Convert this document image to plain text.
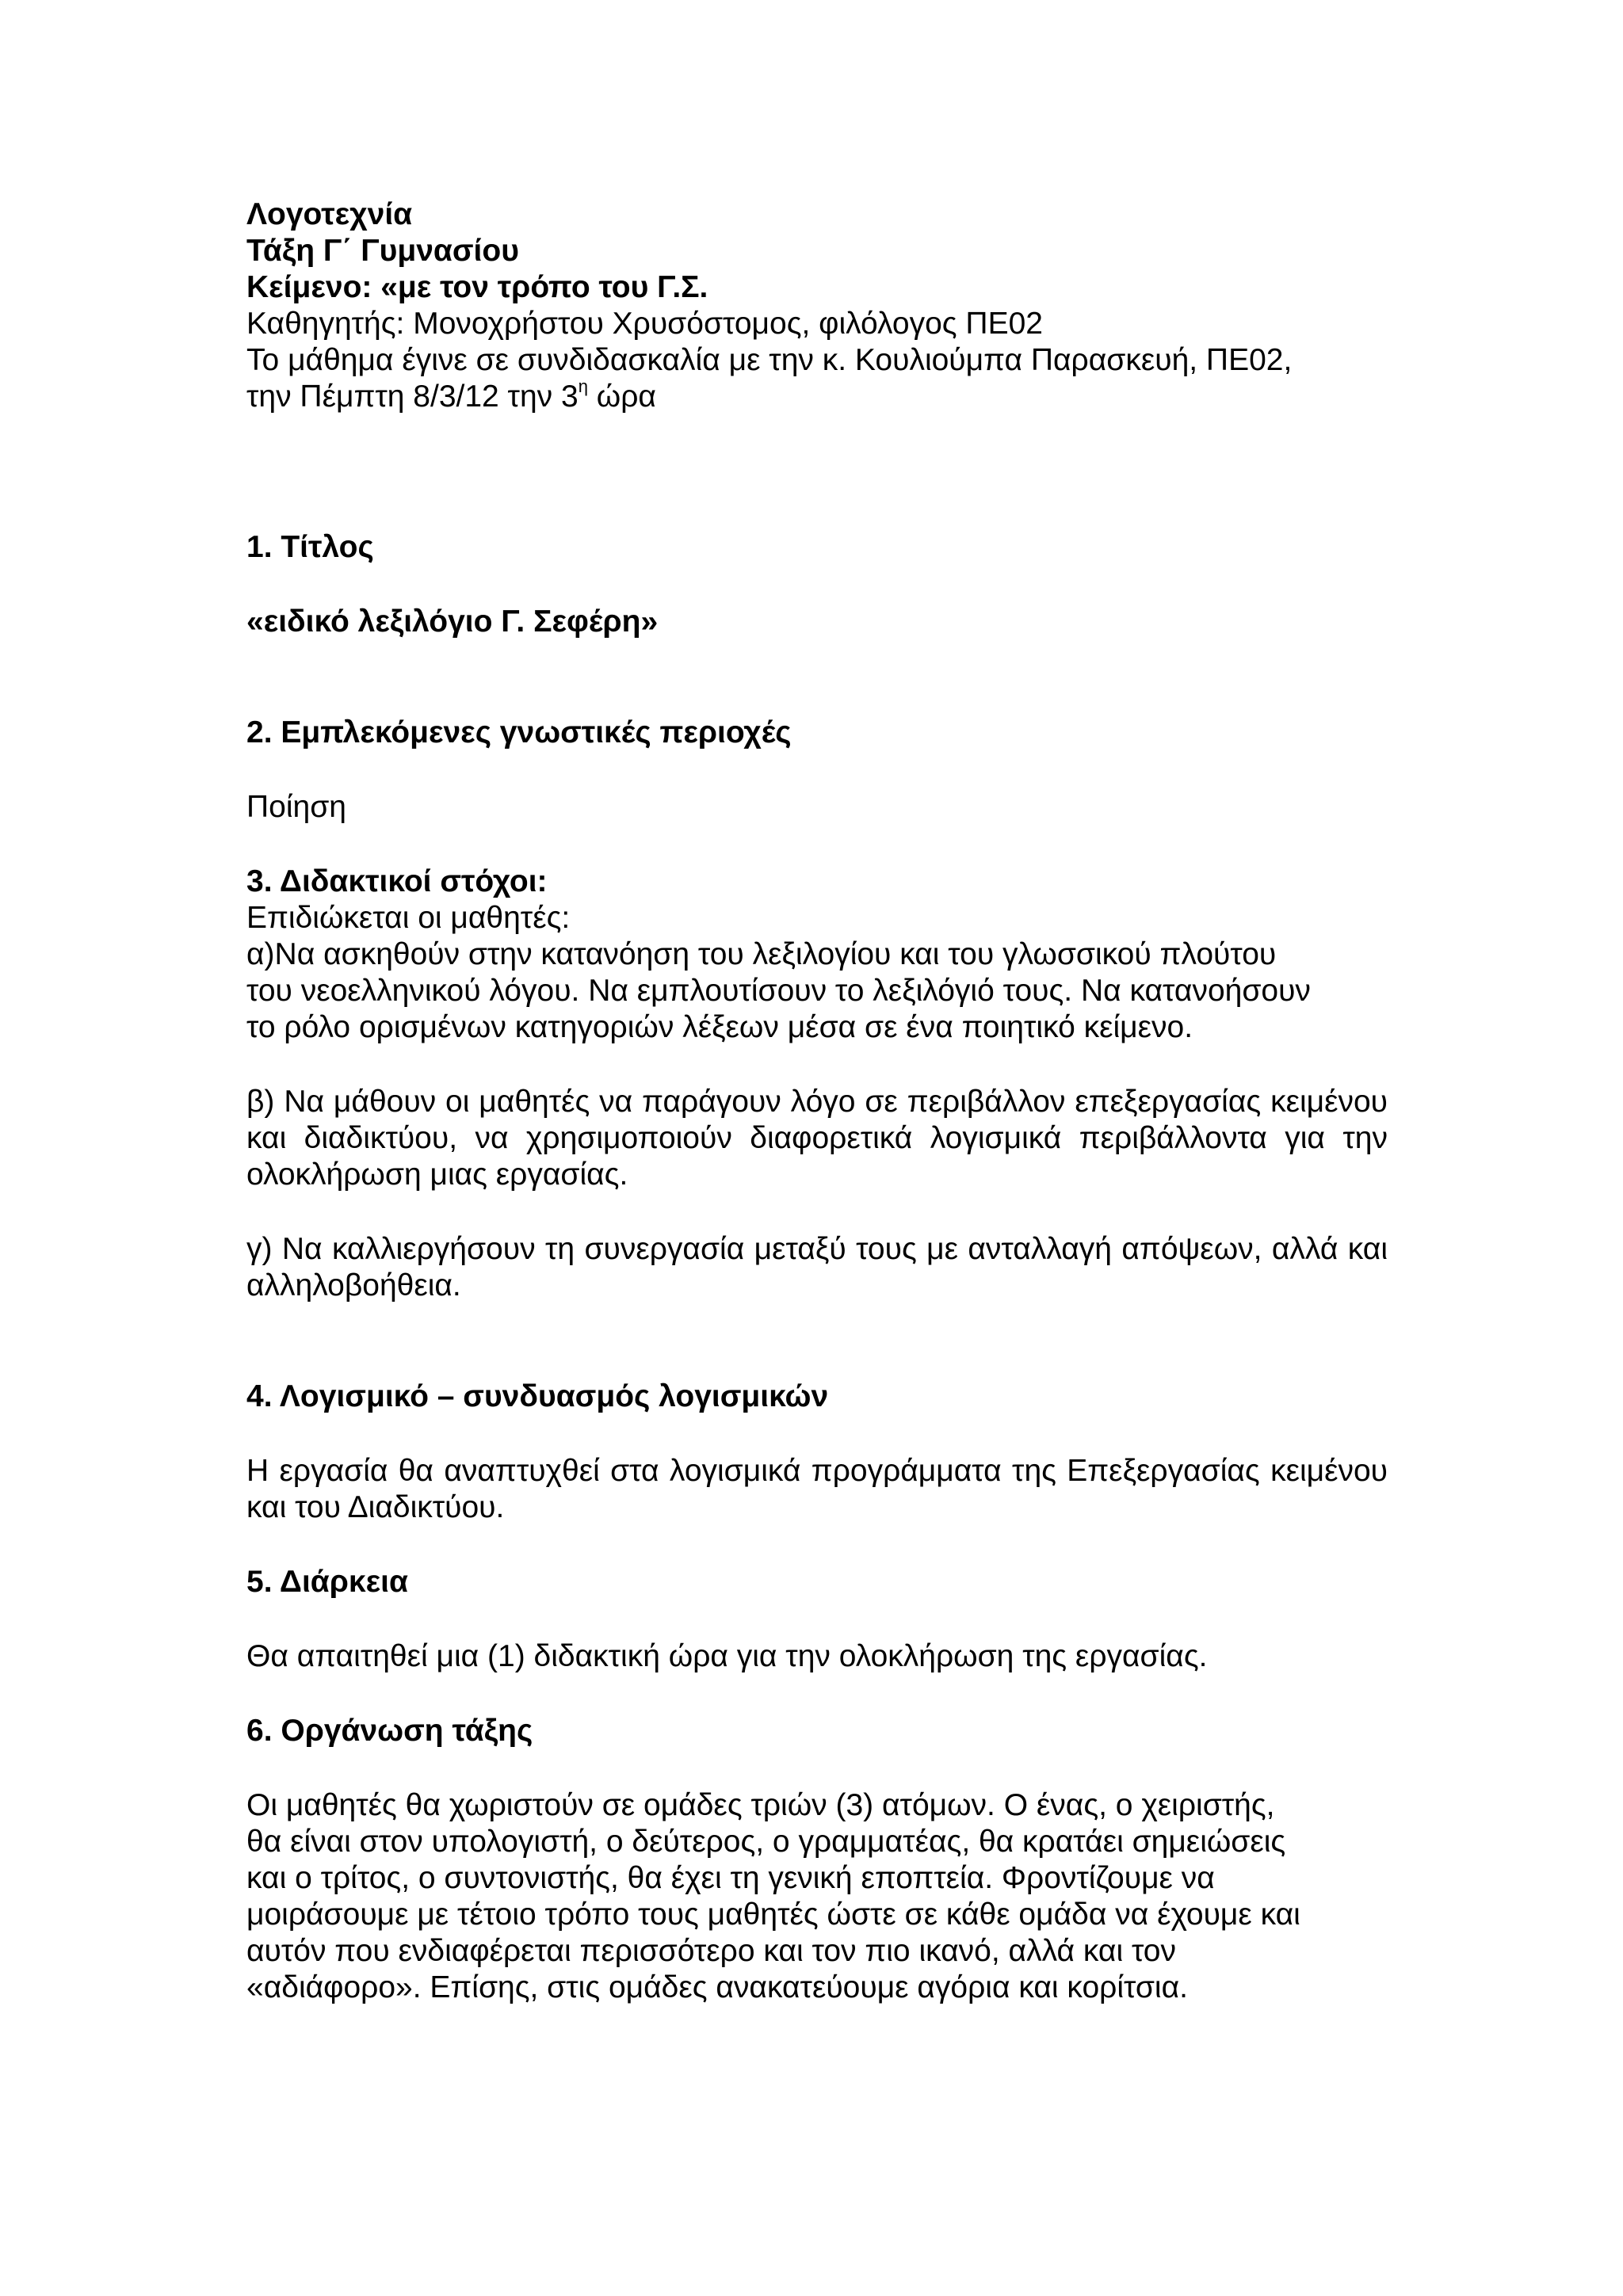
Λογοτεχνία

Τάξη Γ΄ Γυμνασίου

Κείμενο: «με τον τρόπο του Γ.Σ.

Καθηγητής: Μονοχρήστου Χρυσόστομος, φιλόλογος ΠΕ02

Το μάθημα έγινε σε συνδιδασκαλία με την κ. Κουλιούμπα Παρασκευή, ΠΕ02,

την Πέμπτη 8/3/12 την $3^\eta$ ώρα

1. Τίτλος

«ειδικό λεξιλόγιο Γ. Σεφέρη»

2. Εμπλεκόμενες γνωστικές περιοχές

Ποίηση

3. Διδακτικοί στόχοι:

Επιδιώκεται οι μαθητές:

α)Να ασκηθούν στην κατανόηση του λεξιλογίου και του γλωσσικού πλούτου

του νεοελληνικού λόγου. Να εμπλουτίσουν το λεξιλόγιό τους. Να κατανοήσουν

το ρόλο ορισμένων κατηγοριών λέξεων μέσα σε ένα ποιητικό κείμενο.

β) Να μάθουν οι μαθητές να παράγουν λόγο σε περιβάλλον επεξεργασίας κειμένου και διαδικτύου, να χρησιμοποιούν διαφορετικά λογισμικά περιβάλλοντα για την ολοκλήρωση μιας εργασίας.

γ) Να καλλιεργήσουν τη συνεργασία μεταξύ τους με ανταλλαγή απόψεων, αλλά και αλληλοβοήθεια.

4. Λογισμικό – συνδυασμός λογισμικών

Η εργασία θα αναπτυχθεί στα λογισμικά προγράμματα της Επεξεργασίας κειμένου και του Διαδικτύου.

5. Διάρκεια

Θα απαιτηθεί μια (1) διδακτική ώρα για την ολοκλήρωση της εργασίας.

6. Οργάνωση τάξης

Οι μαθητές θα χωριστούν σε ομάδες τριών (3) ατόμων. Ο ένας, ο χειριστής,

θα είναι στον υπολογιστή, ο δεύτερος, ο γραμματέας, θα κρατάει σημειώσεις

και ο τρίτος, ο συντονιστής, θα έχει τη γενική εποπτεία. Φροντίζουμε να

μοιράσουμε με τέτοιο τρόπο τους μαθητές ώστε σε κάθε ομάδα να έχουμε και

αυτόν που ενδιαφέρεται περισσότερο και τον πιο ικανό, αλλά και τον

«αδιάφορο». Επίσης, στις ομάδες ανακατεύουμε αγόρια και κορίτσια.
